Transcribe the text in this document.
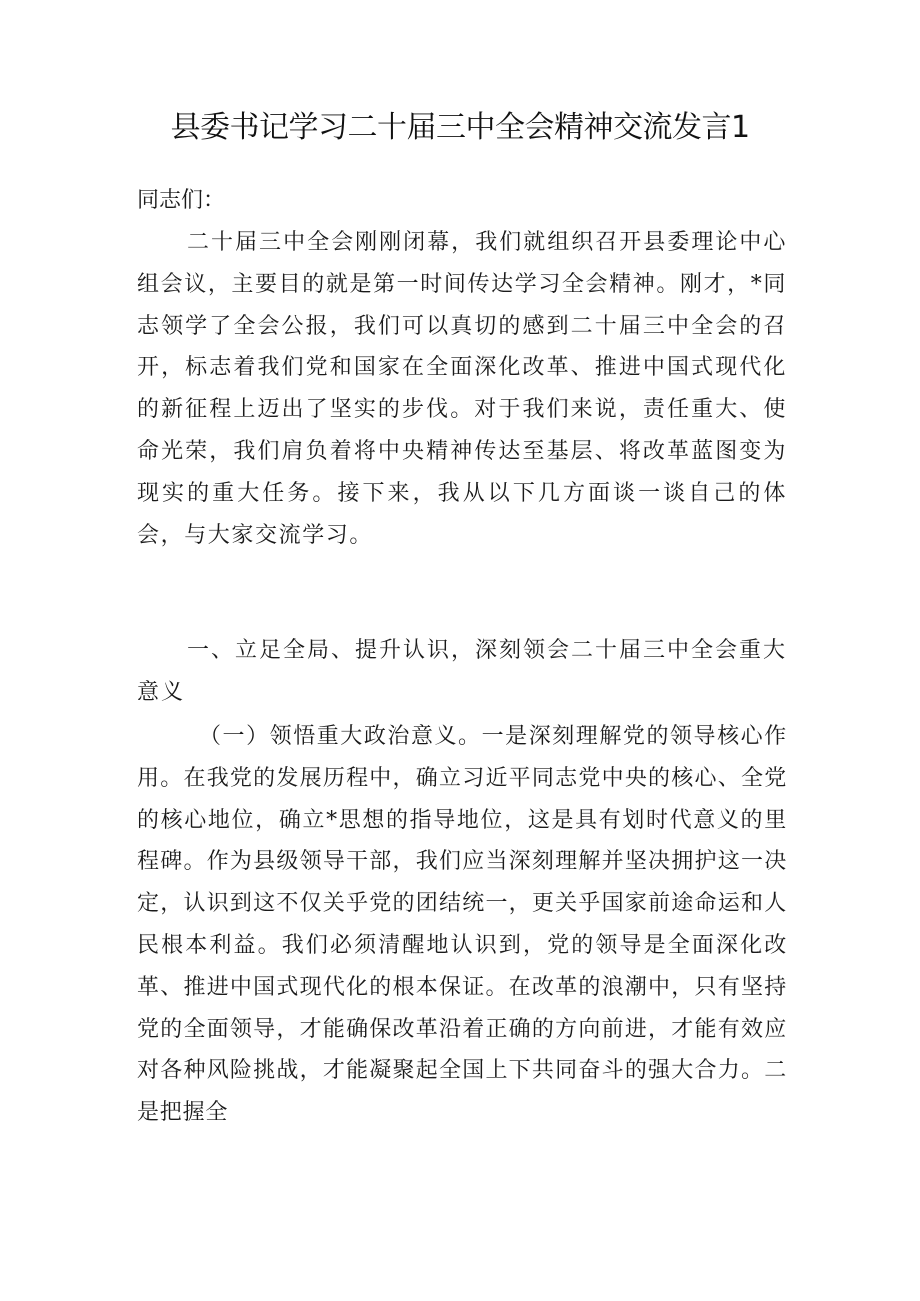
县委书记学习二十届三中全会精神交流发言1
同志们：
二十届三中全会刚刚闭幕，我们就组织召开县委理论中心组会议，主要目的就是第一时间传达学习全会精神。刚才，*同志领学了全会公报，我们可以真切的感到二十届三中全会的召开，标志着我们党和国家在全面深化改革、推进中国式现代化的新征程上迈出了坚实的步伐。对于我们来说，责任重大、使命光荣，我们肩负着将中央精神传达至基层、将改革蓝图变为现实的重大任务。接下来，我从以下几方面谈一谈自己的体会，与大家交流学习。
一、立足全局、提升认识，深刻领会二十届三中全会重大意义
（一）领悟重大政治意义。一是深刻理解党的领导核心作用。在我党的发展历程中，确立习近平同志党中央的核心、全党的核心地位，确立*思想的指导地位，这是具有划时代意义的里程碑。作为县级领导干部，我们应当深刻理解并坚决拥护这一决定，认识到这不仅关乎党的团结统一，更关乎国家前途命运和人民根本利益。我们必须清醒地认识到，党的领导是全面深化改革、推进中国式现代化的根本保证。在改革的浪潮中，只有坚持党的全面领导，才能确保改革沿着正确的方向前进，才能有效应对各种风险挑战，才能凝聚起全国上下共同奋斗的强大合力。二是把握全
